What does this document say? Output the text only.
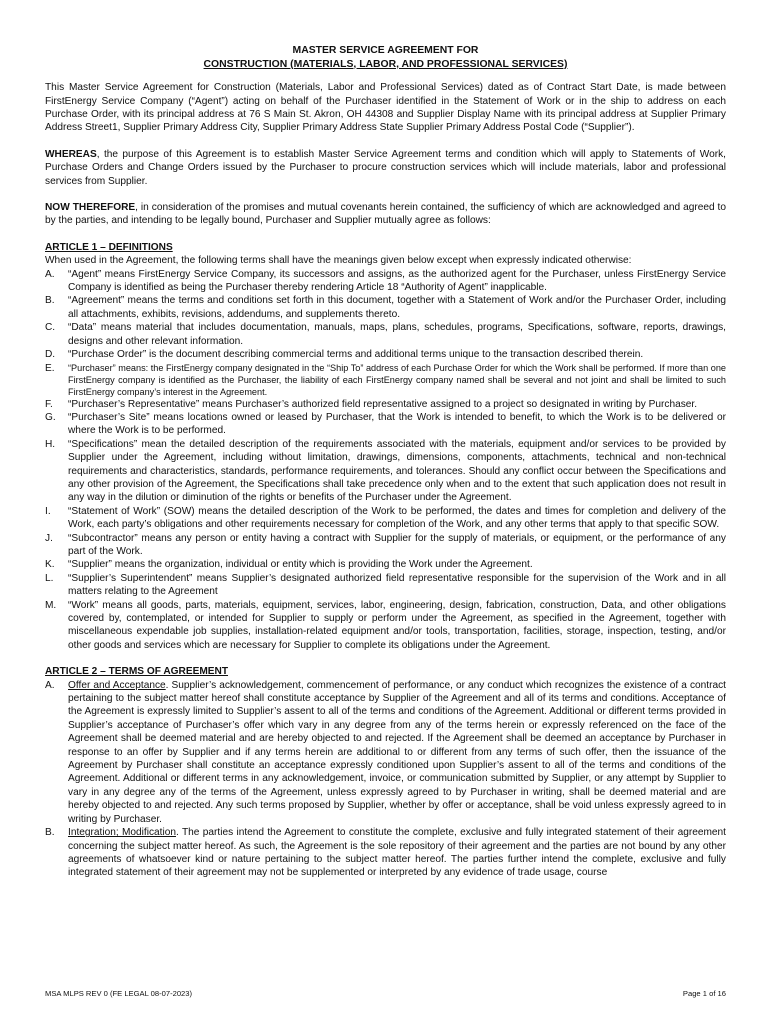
MASTER SERVICE AGREEMENT FOR
CONSTRUCTION (MATERIALS, LABOR, AND PROFESSIONAL SERVICES)

This Master Service Agreement for Construction (Materials, Labor and Professional Services) dated as of Contract Start Date, is made between FirstEnergy Service Company (“Agent”) acting on behalf of the Purchaser identified in the Statement of Work or in the ship to address on each Purchase Order, with its principal address at 76 S Main St. Akron, OH 44308 and Supplier Display Name with its principal address at Supplier Primary Address Street1, Supplier Primary Address City, Supplier Primary Address State Supplier Primary Address Postal Code (“Supplier”).

WHEREAS, the purpose of this Agreement is to establish Master Service Agreement terms and condition which will apply to Statements of Work, Purchase Orders and Change Orders issued by the Purchaser to procure construction services which will include materials, labor and professional services from Supplier.

NOW THEREFORE, in consideration of the promises and mutual covenants herein contained, the sufficiency of which are acknowledged and agreed to by the parties, and intending to be legally bound, Purchaser and Supplier mutually agree as follows:

ARTICLE 1 – DEFINITIONS

When used in the Agreement, the following terms shall have the meanings given below except when expressly indicated otherwise:

A.	“Agent” means FirstEnergy Service Company, its successors and assigns, as the authorized agent for the Purchaser, unless FirstEnergy Service Company is identified as being the Purchaser thereby rendering Article 18 “Authority of Agent” inapplicable.
B.	“Agreement” means the terms and conditions set forth in this document, together with a Statement of Work and/or the Purchaser Order, including all attachments, exhibits, revisions, addendums, and supplements thereto.
C.	“Data” means material that includes documentation, manuals, maps, plans, schedules, programs, Specifications, software, reports, drawings, designs and other relevant information.
D.	“Purchase Order” is the document describing commercial terms and additional terms unique to the transaction described therein.
E.	“Purchaser” means: the FirstEnergy company designated in the “Ship To” address of each Purchase Order for which the Work shall be performed. If more than one FirstEnergy company is identified as the Purchaser, the liability of each FirstEnergy company named shall be several and not joint and shall be limited to such FirstEnergy company’s interest in the Agreement.
F.	“Purchaser’s Representative” means Purchaser’s authorized field representative assigned to a project so designated in writing by Purchaser.
G.	“Purchaser’s Site” means locations owned or leased by Purchaser, that the Work is intended to benefit, to which the Work is to be delivered or where the Work is to be performed.
H.	“Specifications” mean the detailed description of the requirements associated with the materials, equipment and/or services to be provided by Supplier under the Agreement, including without limitation, drawings, dimensions, components, attachments, technical and non-technical requirements and characteristics, standards, performance requirements, and tolerances. Should any conflict occur between the Specifications and any other provision of the Agreement, the Specifications shall take precedence only when and to the extent that such application does not result in any way in the dilution or diminution of the rights or benefits of the Purchaser under the Agreement.
I.	“Statement of Work” (SOW) means the detailed description of the Work to be performed, the dates and times for completion and delivery of the Work, each party’s obligations and other requirements necessary for completion of the Work, and any other terms that apply to that specific SOW.
J.	“Subcontractor” means any person or entity having a contract with Supplier for the supply of materials, or equipment, or the performance of any part of the Work.
K.	“Supplier” means the organization, individual or entity which is providing the Work under the Agreement.
L.	“Supplier’s Superintendent” means Supplier’s designated authorized field representative responsible for the supervision of the Work and in all matters relating to the Agreement
M.	“Work” means all goods, parts, materials, equipment, services, labor, engineering, design, fabrication, construction, Data, and other obligations covered by, contemplated, or intended for Supplier to supply or perform under the Agreement, as specified in the Agreement, together with miscellaneous expendable job supplies, installation-related equipment and/or tools, transportation, facilities, storage, inspection, testing, and/or other goods and services which are necessary for Supplier to complete its obligations under the Agreement.
ARTICLE 2 – TERMS OF AGREEMENT
A.	Offer and Acceptance. Supplier’s acknowledgement, commencement of performance, or any conduct which recognizes the existence of a contract pertaining to the subject matter hereof shall constitute acceptance by Supplier of the Agreement and all of its terms and conditions. Acceptance of the Agreement is expressly limited to Supplier’s assent to all of the terms and conditions of the Agreement. Additional or different terms provided in Supplier’s acceptance of Purchaser’s offer which vary in any degree from any of the terms herein or expressly referenced on the face of the Agreement shall be deemed material and are hereby objected to and rejected. If the Agreement shall be deemed an acceptance by Purchaser in response to an offer by Supplier and if any terms herein are additional to or different from any terms of such offer, then the issuance of the Agreement by Purchaser shall constitute an acceptance expressly conditioned upon Supplier’s assent to all of the terms and conditions of the Agreement. Additional or different terms in any acknowledgement, invoice, or communication submitted by Supplier, or any attempt by Supplier to vary in any degree any of the terms of the Agreement, unless expressly agreed to by Purchaser in writing, shall be deemed material and are hereby objected to and rejected. Any such terms proposed by Supplier, whether by offer or acceptance, shall be void unless expressly agreed to in writing by Purchaser.
B.	Integration; Modification. The parties intend the Agreement to constitute the complete, exclusive and fully integrated statement of their agreement concerning the subject matter hereof. As such, the Agreement is the sole repository of their agreement and the parties are not bound by any other agreements of whatsoever kind or nature pertaining to the subject matter hereof. The parties further intend the complete, exclusive and fully integrated statement of their agreement may not be supplemented or interpreted by any evidence of trade usage, course
MSA MLPS REV 0 (FE LEGAL 08-07-2023)	Page 1 of 16
